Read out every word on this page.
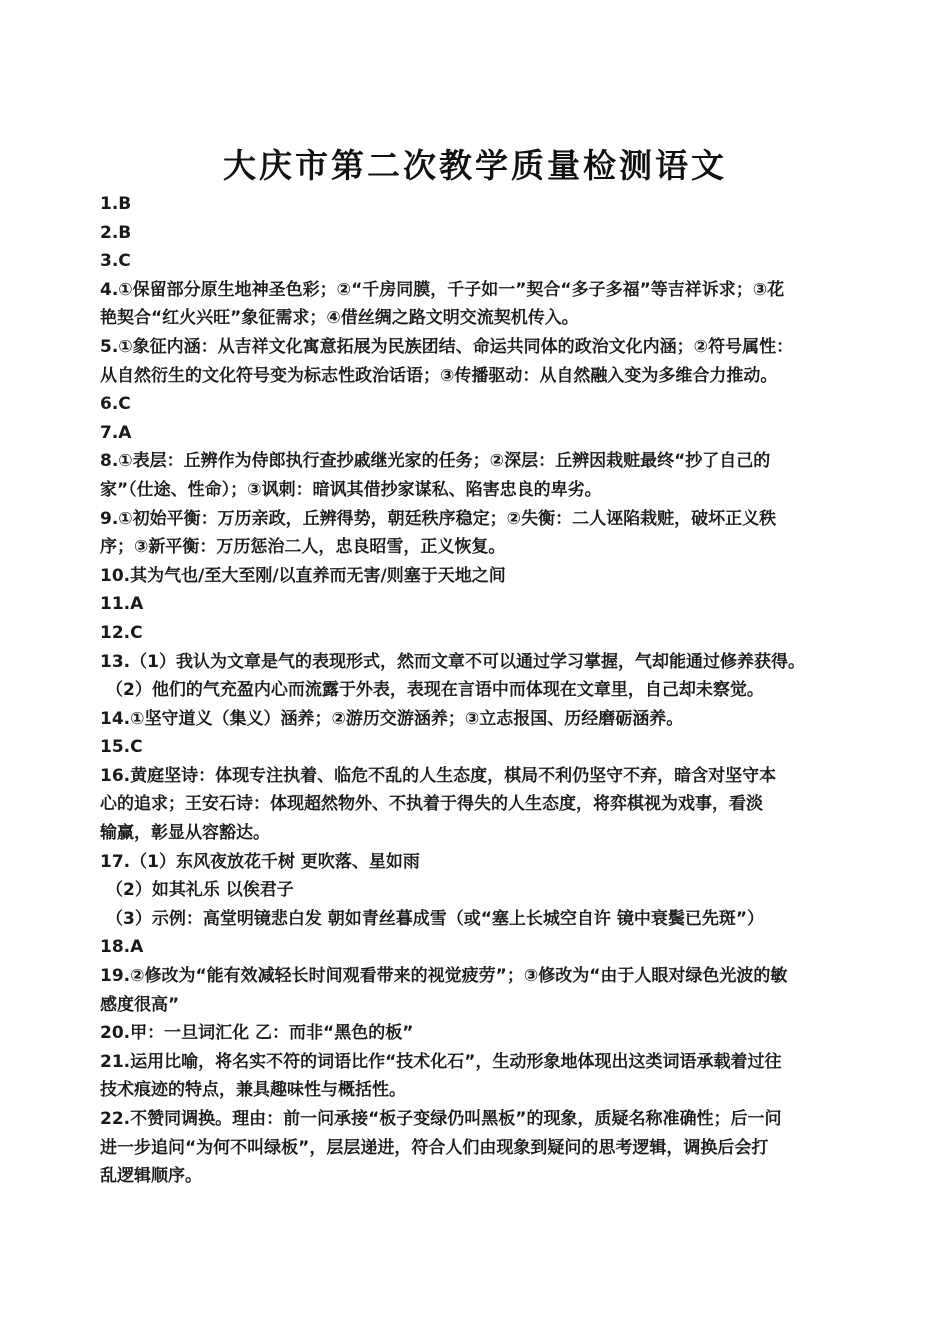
大庆市第二次教学质量检测语文
1.B
2.B
3.C
4.①保留部分原生地神圣色彩；②“千房同膜，千子如一”契合“多子多福”等吉祥诉求；③花
艳契合“红火兴旺”象征需求；④借丝绸之路文明交流契机传入。
5.①象征内涵：从吉祥文化寓意拓展为民族团结、命运共同体的政治文化内涵；②符号属性：
从自然衍生的文化符号变为标志性政治话语；③传播驱动：从自然融入变为多维合力推动。
6.C
7.A
8.①表层：丘辨作为侍郎执行查抄戚继光家的任务；②深层：丘辨因栽赃最终“抄了自己的
家”（仕途、性命）；③讽刺：暗讽其借抄家谋私、陷害忠良的卑劣。
9.①初始平衡：万历亲政，丘辨得势，朝廷秩序稳定；②失衡：二人诬陷栽赃，破坏正义秩
序；③新平衡：万历惩治二人，忠良昭雪，正义恢复。
10.其为气也/至大至刚/以直养而无害/则塞于天地之间
11.A
12.C
13.（1）我认为文章是气的表现形式，然而文章不可以通过学习掌握，气却能通过修养获得。
（2）他们的气充盈内心而流露于外表，表现在言语中而体现在文章里，自己却未察觉。
14.①坚守道义（集义）涵养；②游历交游涵养；③立志报国、历经磨砺涵养。
15.C
16.黄庭坚诗：体现专注执着、临危不乱的人生态度，棋局不利仍坚守不弃，暗含对坚守本
心的追求；王安石诗：体现超然物外、不执着于得失的人生态度，将弈棋视为戏事，看淡
输赢，彰显从容豁达。
17.（1）东风夜放花千树 更吹落、星如雨
（2）如其礼乐 以俟君子
（3）示例：高堂明镜悲白发 朝如青丝暮成雪（或“塞上长城空自许 镜中衰鬓已先斑”）
18.A
19.②修改为“能有效减轻长时间观看带来的视觉疲劳”；③修改为“由于人眼对绿色光波的敏
感度很高”
20.甲：一旦词汇化 乙：而非“黑色的板”
21.运用比喻，将名实不符的词语比作“技术化石”，生动形象地体现出这类词语承载着过往
技术痕迹的特点，兼具趣味性与概括性。
22.不赞同调换。理由：前一问承接“板子变绿仍叫黑板”的现象，质疑名称准确性；后一问
进一步追问“为何不叫绿板”，层层递进，符合人们由现象到疑问的思考逻辑，调换后会打
乱逻辑顺序。
